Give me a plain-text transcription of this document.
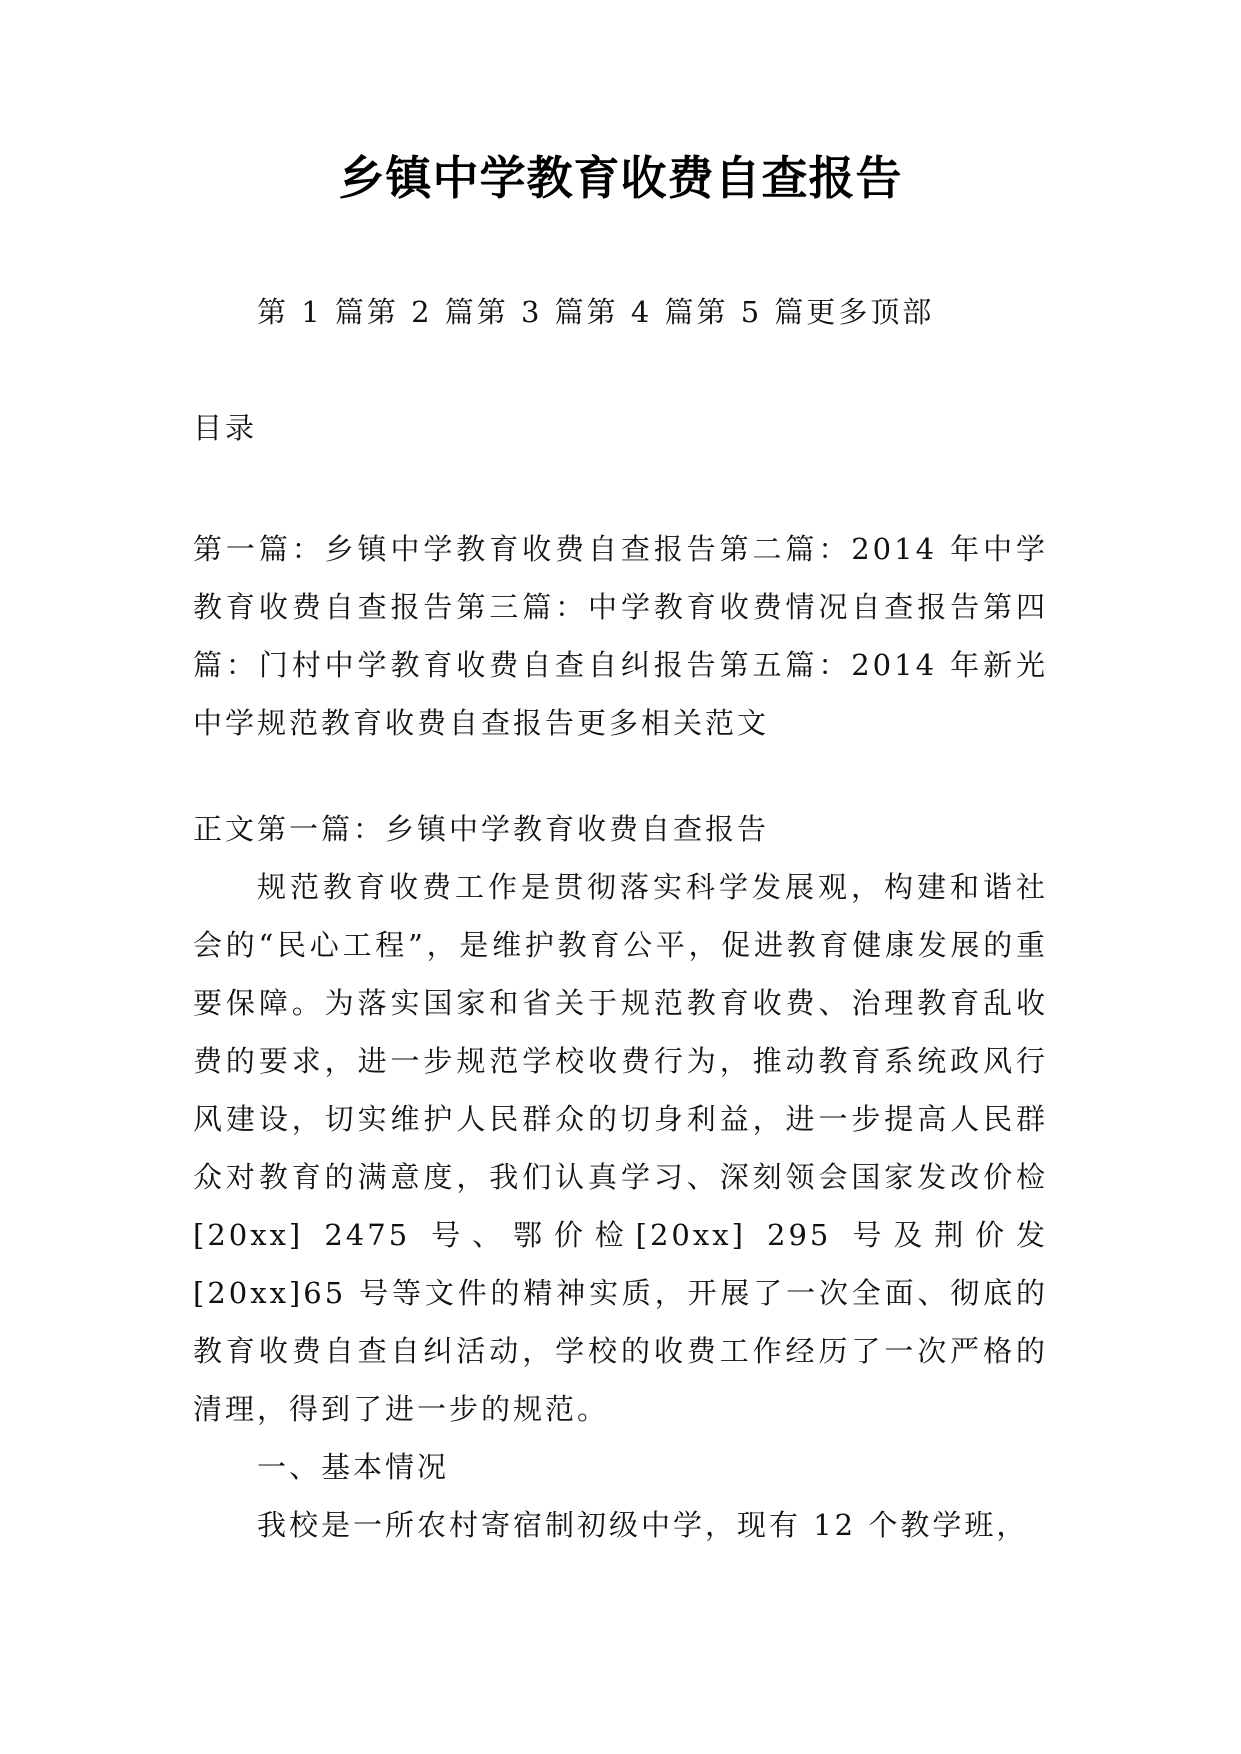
乡镇中学教育收费自查报告
第 1 篇第 2 篇第 3 篇第 4 篇第 5 篇更多顶部
目录
第一篇：乡镇中学教育收费自查报告第二篇：2014 年中学教育收费自查报告第三篇：中学教育收费情况自查报告第四篇：门村中学教育收费自查自纠报告第五篇：2014 年新光中学规范教育收费自查报告更多相关范文

正文第一篇：乡镇中学教育收费自查报告

规范教育收费工作是贯彻落实科学发展观，构建和谐社会的“民心工程”，是维护教育公平，促进教育健康发展的重要保障。为落实国家和省关于规范教育收费、治理教育乱收费的要求，进一步规范学校收费行为，推动教育系统政风行风建设，切实维护人民群众的切身利益，进一步提高人民群众对教育的满意度，我们认真学习、深刻领会国家发改价检[20xx] 2475 号、鄂价检[20xx] 295 号及荆价发[20xx]65 号等文件的精神实质，开展了一次全面、彻底的教育收费自查自纠活动，学校的收费工作经历了一次严格的清理，得到了进一步的规范。

一、基本情况

我校是一所农村寄宿制初级中学，现有 12 个教学班，
